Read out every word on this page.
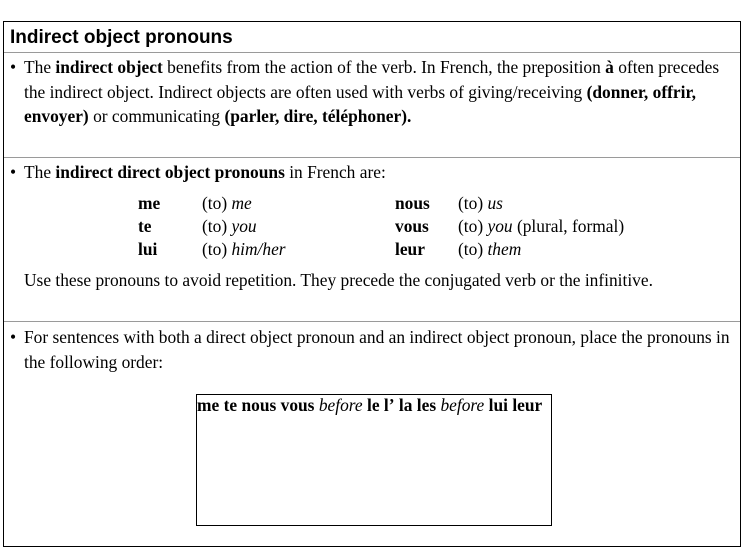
Indirect object pronouns
• The indirect object benefits from the action of the verb. In French, the preposition à often precedes the indirect object. Indirect objects are often used with verbs of giving/receiving (donner, offrir, envoyer) or communicating (parler, dire, téléphoner).
• The indirect direct object pronouns in French are:
me (to) me
te	(to) you
lui	(to) him/her
nous (to) us
vous (to) you (plural, formal)
leur (to) them
Use these pronouns to avoid repetition. They precede the conjugated verb or the infinitive.
• For sentences with both a direct object pronoun and an indirect object pronoun, place the pronouns in the following order:
me te nous vous before le l’ la les before lui leur
